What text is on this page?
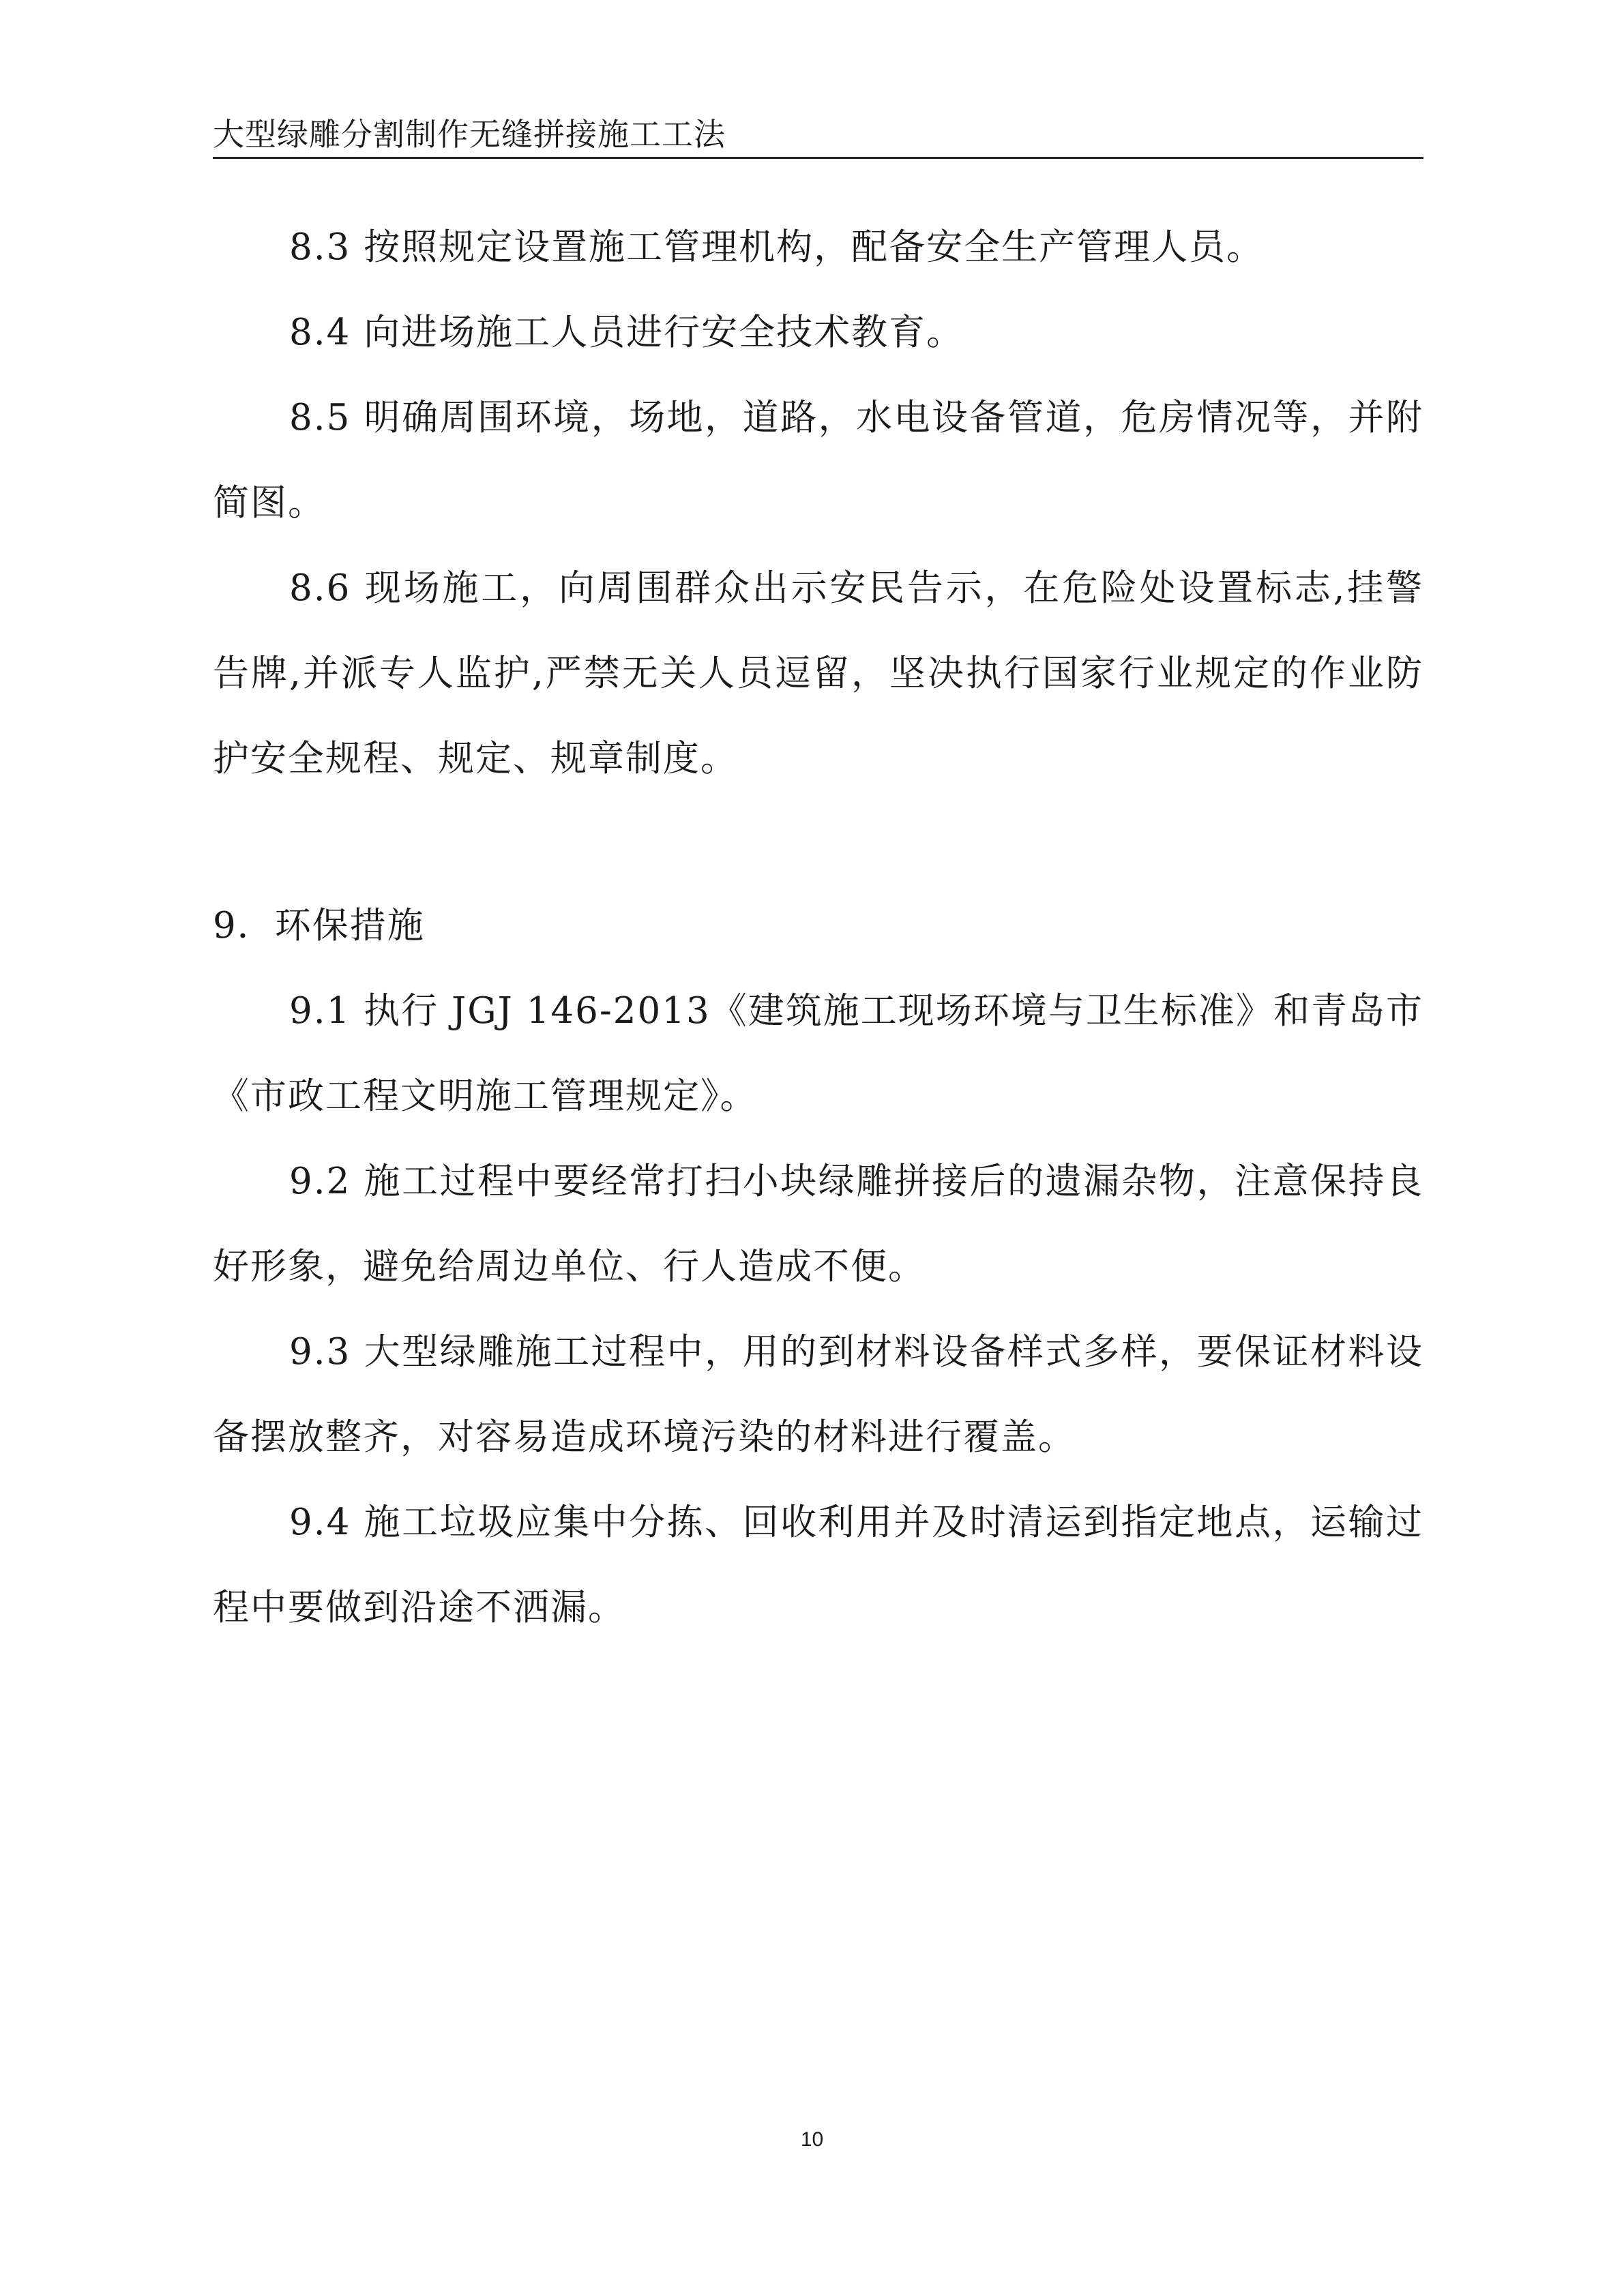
大型绿雕分割制作无缝拼接施工工法

8.3 按照规定设置施工管理机构，配备安全生产管理人员。

8.4 向进场施工人员进行安全技术教育。

8.5 明确周围环境，场地，道路，水电设备管道，危房情况等，并附简图。

8.6 现场施工，向周围群众出示安民告示，在危险处设置标志,挂警告牌,并派专人监护,严禁无关人员逗留，坚决执行国家行业规定的作业防护安全规程、规定、规章制度。

9．环保措施

9.1 执行 JGJ 146-2013《建筑施工现场环境与卫生标准》和青岛市《市政工程文明施工管理规定》。

9.2 施工过程中要经常打扫小块绿雕拼接后的遗漏杂物，注意保持良好形象，避免给周边单位、行人造成不便。

9.3 大型绿雕施工过程中，用的到材料设备样式多样，要保证材料设备摆放整齐，对容易造成环境污染的材料进行覆盖。

9.4 施工垃圾应集中分拣、回收利用并及时清运到指定地点，运输过程中要做到沿途不洒漏。

10
